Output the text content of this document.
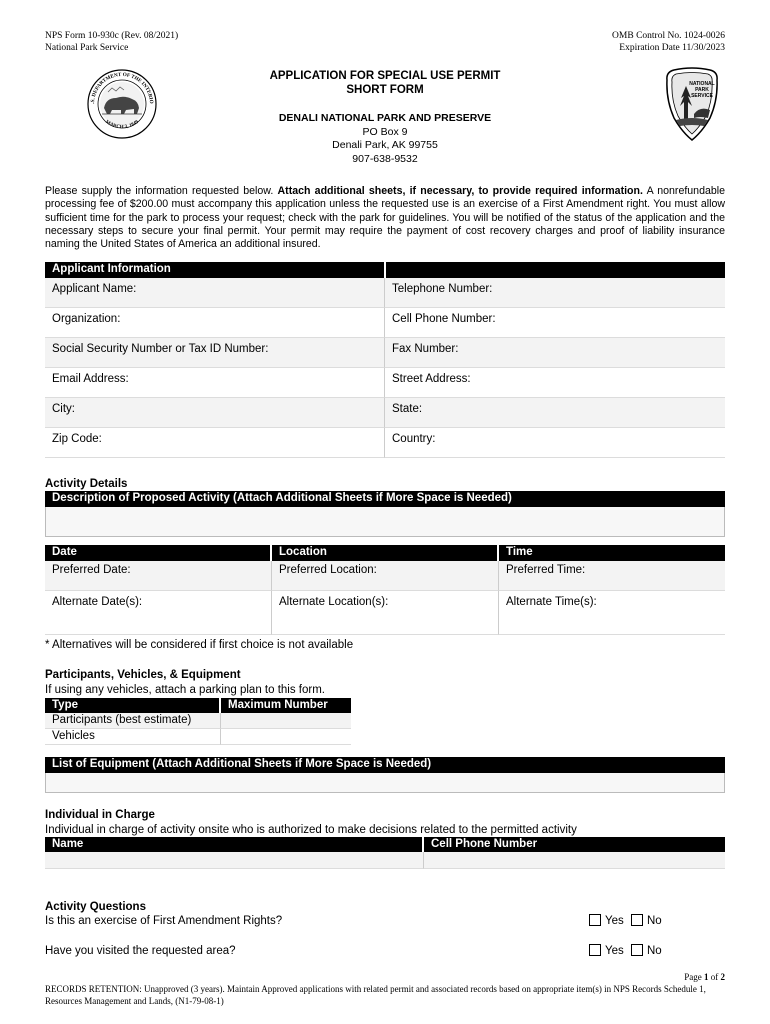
NPS Form 10-930c (Rev. 08/2021)
National Park Service
OMB Control No. 1024-0026
Expiration Date 11/30/2023
.S. DEPARTMENT OF THE INTERIO
MARCH 3, 1849
NATIONAL
PARK
SERVICE
APPLICATION FOR SPECIAL USE PERMIT
SHORT FORM
DENALI NATIONAL PARK AND PRESERVE
PO Box 9
Denali Park, AK 99755
907-638-9532
Please supply the information requested below. Attach additional sheets, if necessary, to provide required information. A nonrefundable processing fee of $200.00 must accompany this application unless the requested use is an exercise of a First Amendment right. You must allow sufficient time for the park to process your request; check with the park for guidelines. You will be notified of the status of the application and the necessary steps to secure your final permit. Your permit may require the payment of cost recovery charges and proof of liability insurance naming the United States of America an additional insured.
Applicant Information
Applicant Name:	Telephone Number:
Organization:	Cell Phone Number:
Social Security Number or Tax ID Number:	Fax Number:
Email Address:	Street Address:
City:	State:
Zip Code:	Country:
Activity Details
Description of Proposed Activity (Attach Additional Sheets if More Space is Needed)
Date	Location	Time
Preferred Date:	Preferred Location:	Preferred Time:
Alternate Date(s):	Alternate Location(s):	Alternate Time(s):
* Alternatives will be considered if first choice is not available
Participants, Vehicles, & Equipment
If using any vehicles, attach a parking plan to this form.
Type	Maximum Number
Participants (best estimate)
Vehicles
List of Equipment (Attach Additional Sheets if More Space is Needed)
Individual in Charge
Individual in charge of activity onsite who is authorized to make decisions related to the permitted activity
Name	Cell Phone Number
Activity Questions
Is this an exercise of First Amendment Rights?	Yes No
Have you visited the requested area?	Yes No
Page 1 of 2
RECORDS RETENTION: Unapproved (3 years). Maintain Approved applications with related permit and associated records based on appropriate item(s) in NPS Records Schedule 1, Resources Management and Lands, (N1-79-08-1)
